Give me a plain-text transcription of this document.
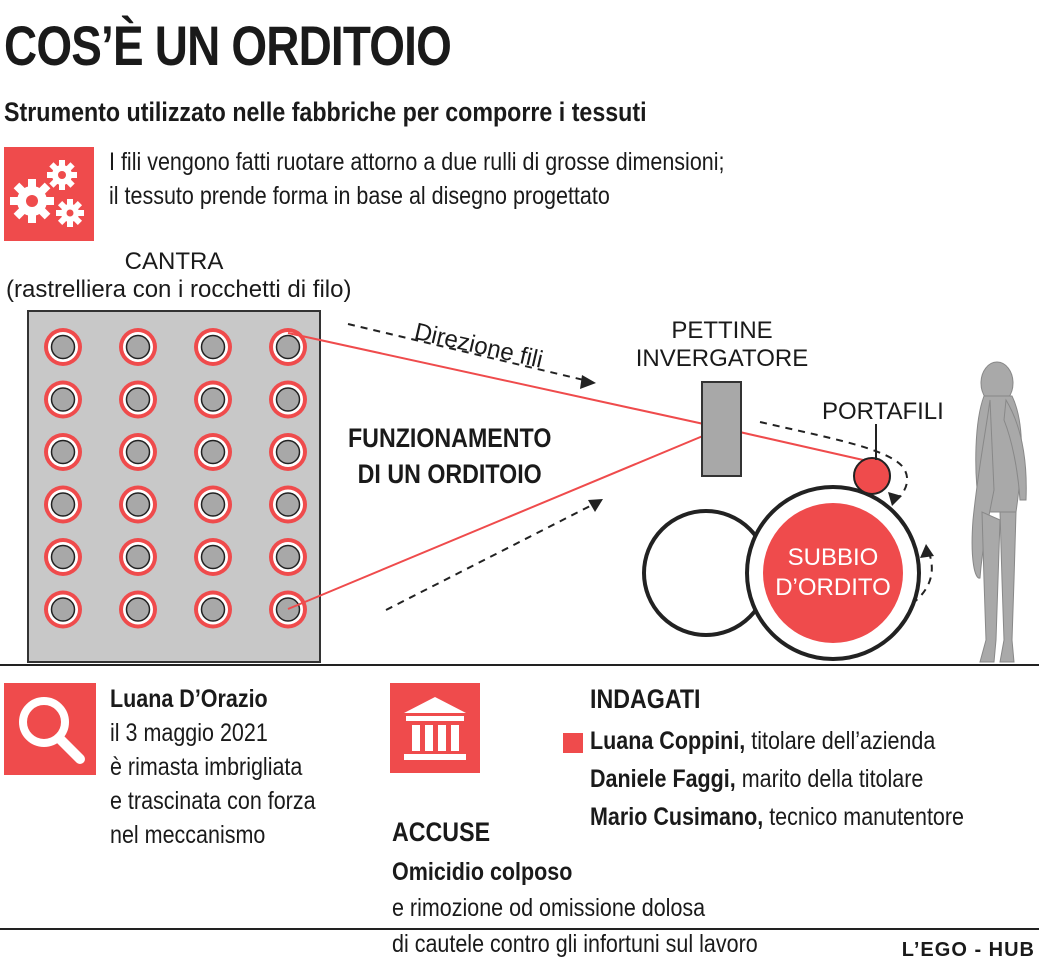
COS’È UN ORDITOIO
Strumento utilizzato nelle fabbriche per comporre i tessuti
I fili vengono fatti ruotare attorno a due rulli di grosse dimensioni;
il tessuto prende forma in base al disegno progettato
CANTRA
(rastrelliera con i rocchetti di filo)
Direzione fili	PETTINE
INVERGATORE
PORTAFILI
FUNZIONAMENTO
DI UN ORDITOIO
SUBBIO
D’ORDITO
Luana D’Orazio
il 3 maggio 2021
è rimasta imbrigliata
e trascinata con forza
nel meccanismo
INDAGATI
Luana Coppini, titolare dell’azienda
Daniele Faggi, marito della titolare
Mario Cusimano, tecnico manutentore
ACCUSE
Omicidio colposo
e rimozione od omissione dolosa
di cautele contro gli infortuni sul lavoro	L’EGO - HUB
